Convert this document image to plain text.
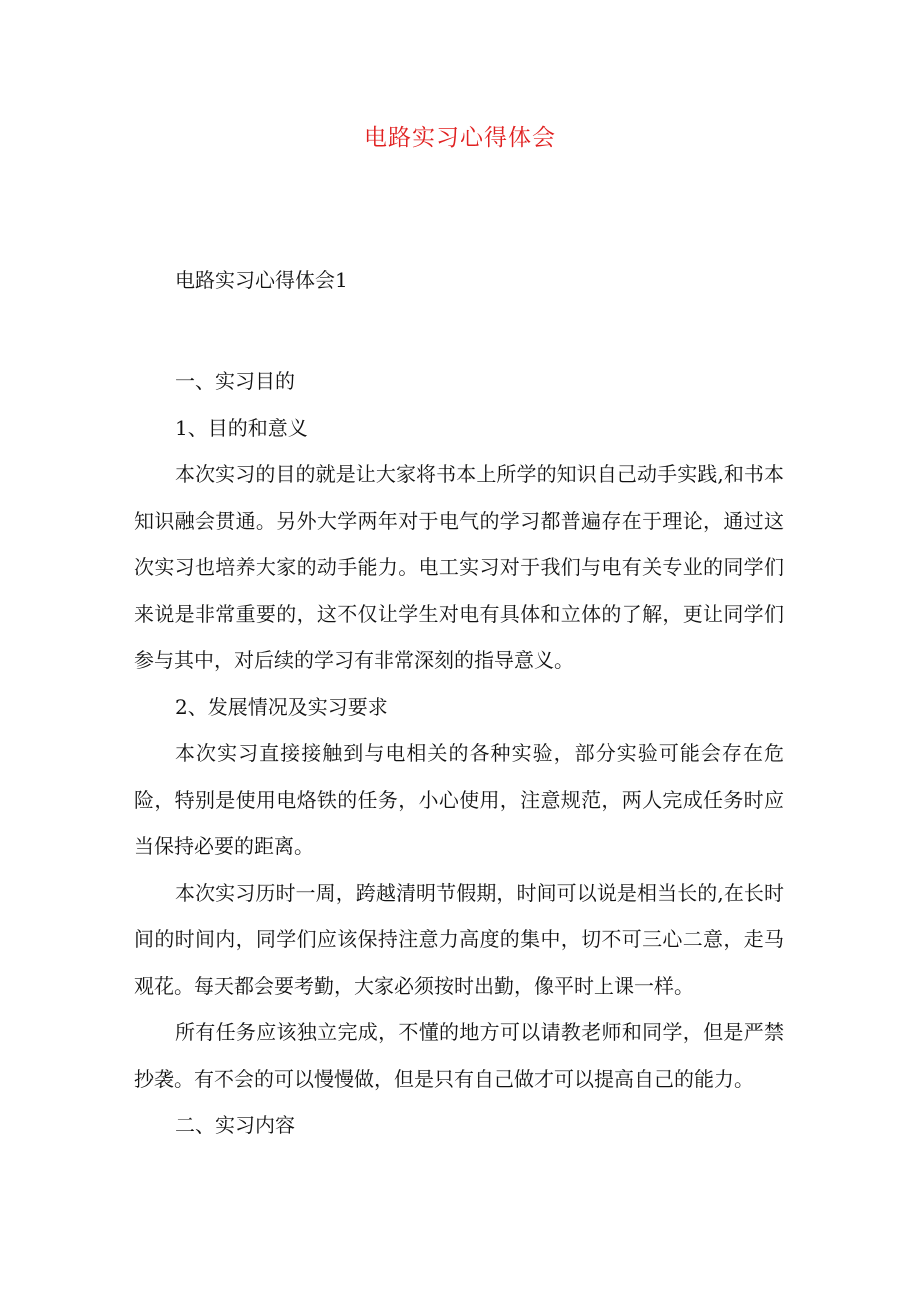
电路实习心得体会
电路实习心得体会1

一、实习目的

1、目的和意义

本次实习的目的就是让大家将书本上所学的知识自己动手实践,和书本知识融会贯通。另外大学两年对于电气的学习都普遍存在于理论，通过这次实习也培养大家的动手能力。电工实习对于我们与电有关专业的同学们来说是非常重要的，这不仅让学生对电有具体和立体的了解，更让同学们参与其中，对后续的学习有非常深刻的指导意义。

2、发展情况及实习要求

本次实习直接接触到与电相关的各种实验，部分实验可能会存在危险，特别是使用电烙铁的任务，小心使用，注意规范，两人完成任务时应当保持必要的距离。

本次实习历时一周，跨越清明节假期，时间可以说是相当长的,在长时间的时间内，同学们应该保持注意力高度的集中，切不可三心二意，走马观花。每天都会要考勤，大家必须按时出勤，像平时上课一样。

所有任务应该独立完成，不懂的地方可以请教老师和同学，但是严禁抄袭。有不会的可以慢慢做，但是只有自己做才可以提高自己的能力。

二、实习内容
